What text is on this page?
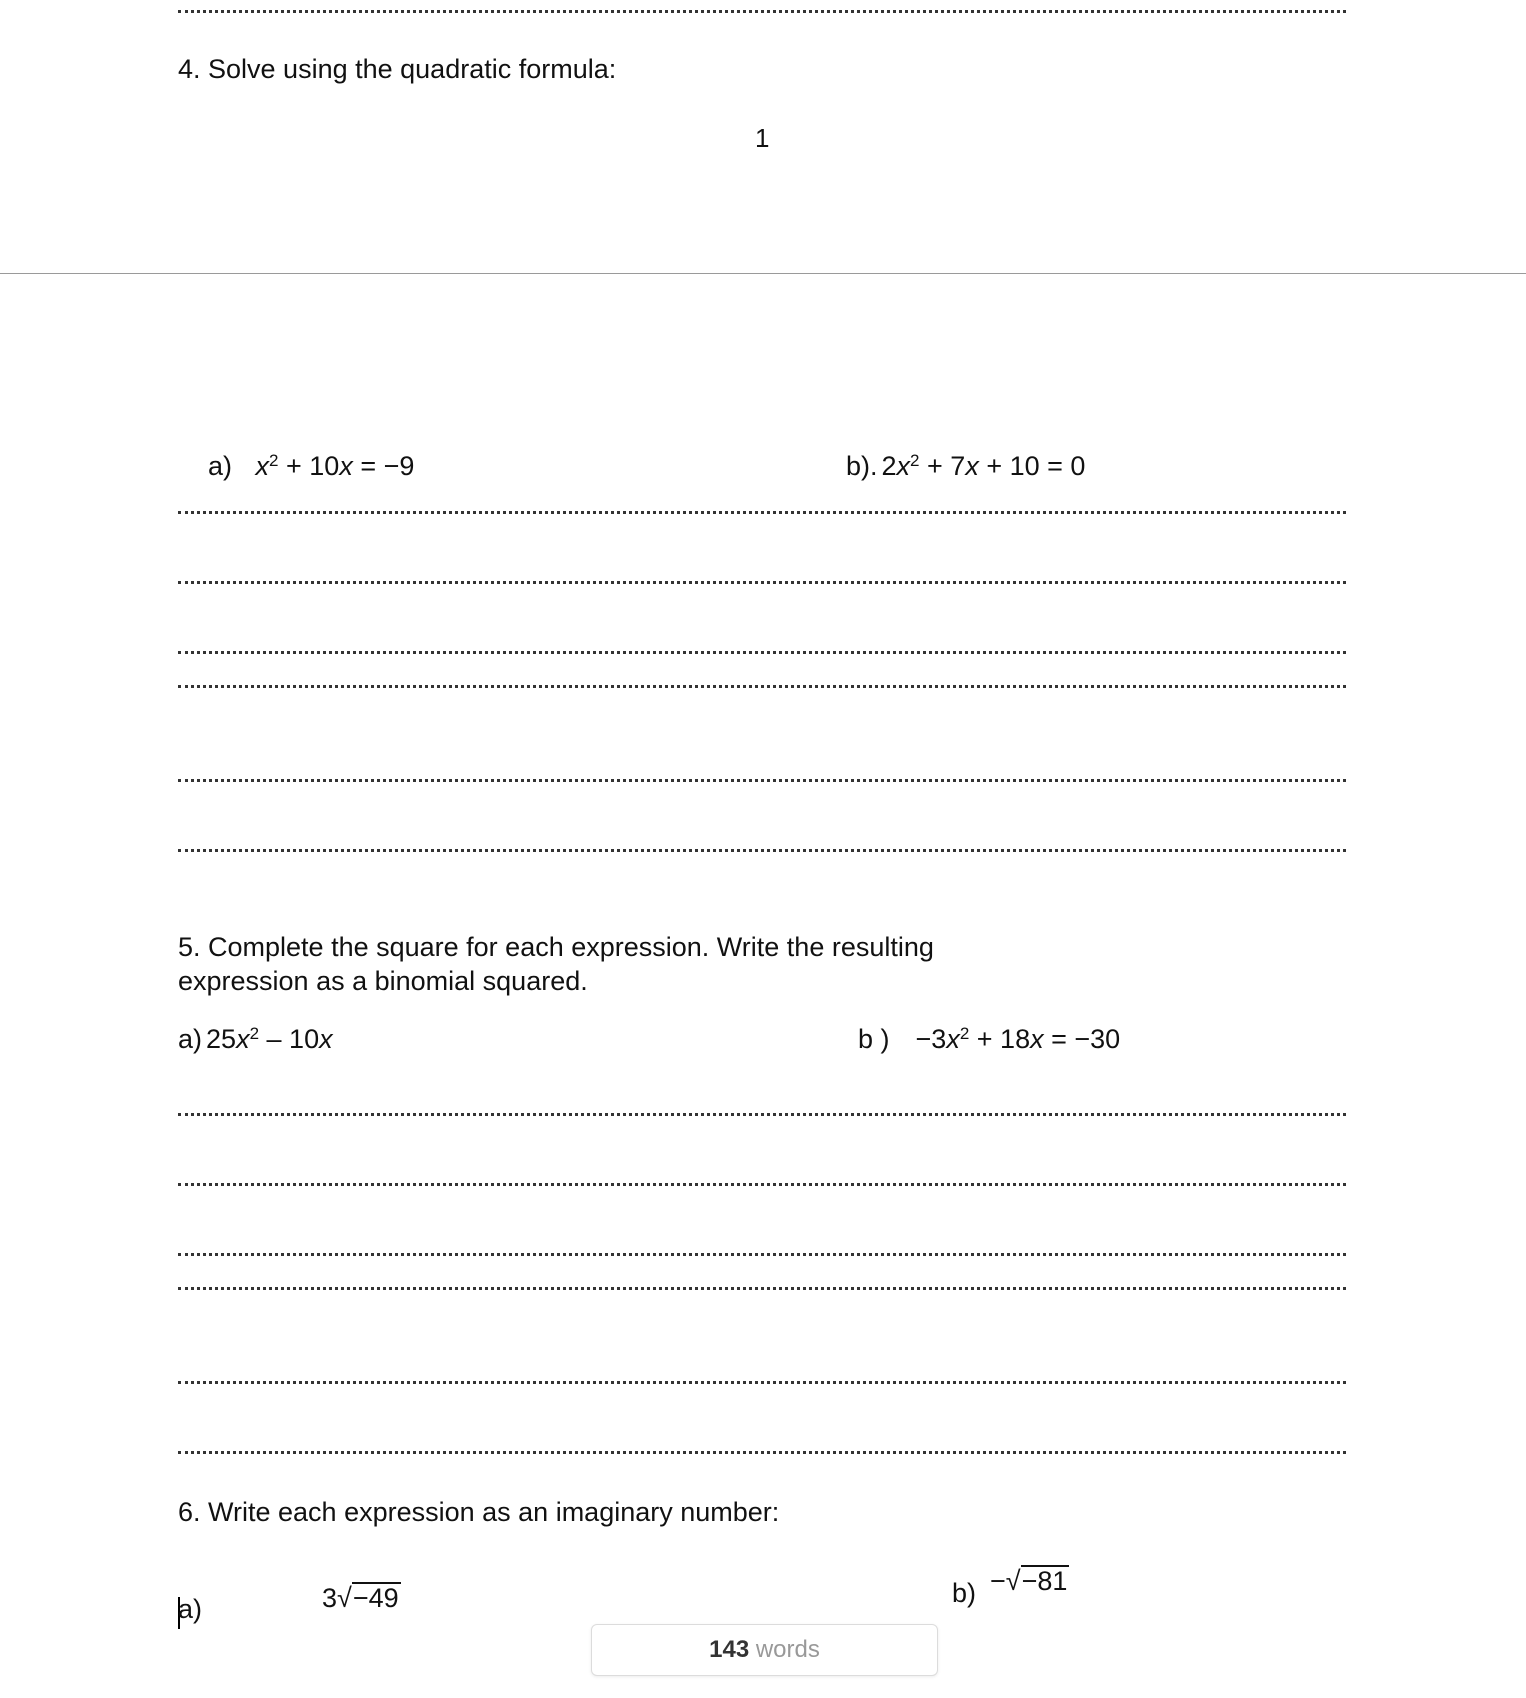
4. Solve using the quadratic formula:
1
a) $x^2 + 10x = -9$	b). $2x^2 + 7x + 10 = 0$
5. Complete the square for each expression. Write the resulting
expression as a binomial squared.
a) $25x^2 - 10x$	b ) $-3x^2 + 18x = -30$
6. Write each expression as an imaginary number:
a)	3√−49	b) −√−81
143 words
